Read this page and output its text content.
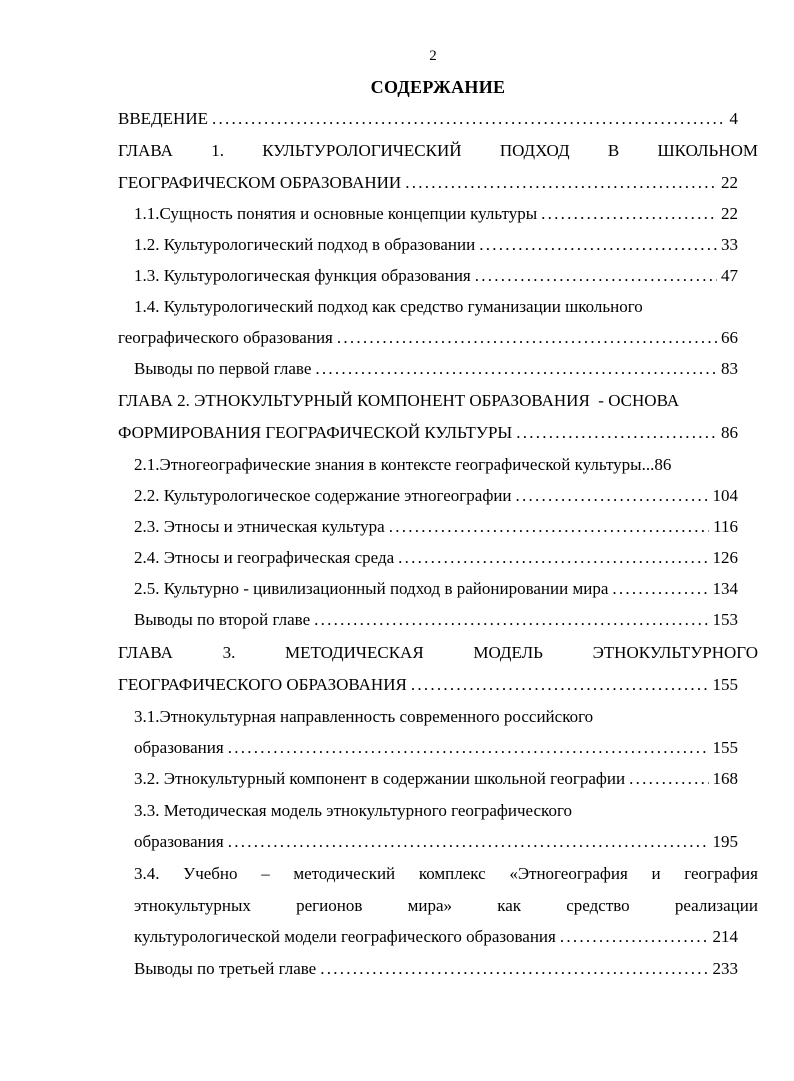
2
СОДЕРЖАНИЕ
ВВЕДЕНИЕ . . .	4
ГЛАВА 1. КУЛЬТУРОЛОГИЧЕСКИЙ ПОДХОД В ШКОЛЬНОМ
ГЕОГРАФИЧЕСКОМ ОБРАЗОВАНИИ . . .	22
1.1.Сущность понятия и основные концепции культуры . . .	22
1.2. Культурологический подход в образовании . . .	33
1.3. Культурологическая функция образования . . .	47
1.4. Культурологический подход как средство гуманизации школьного
географического образования . . .	66
Выводы по первой главе . . .	83
ГЛАВА 2. ЭТНОКУЛЬТУРНЫЙ КОМПОНЕНТ ОБРАЗОВАНИЯ  - ОСНОВА
ФОРМИРОВАНИЯ ГЕОГРАФИЧЕСКОЙ КУЛЬТУРЫ . . .	86
2.1.Этногеографические знания в контексте географической культуры...86
2.2. Культурологическое содержание этногеографии . . .	104
2.3. Этносы и этническая культура . . .	116
2.4. Этносы и географическая среда . . .	126
2.5. Культурно - цивилизационный подход в районировании мира . . .	134
Выводы по второй главе . . .	153
ГЛАВА	3.	МЕТОДИЧЕСКАЯ	МОДЕЛЬ	ЭТНОКУЛЬТУРНОГО
ГЕОГРАФИЧЕСКОГО ОБРАЗОВАНИЯ . . .	155
3.1.Этнокультурная направленность современного российского
образования . . .	155
3.2. Этнокультурный компонент в содержании школьной географии . . .	168
3.3. Методическая модель этнокультурного географического
образования . . .	195
3.4. Учебно – методический комплекс «Этногеография и география
этнокультурных	регионов	мира»	как	средство	реализации
культурологической модели географического образования . . .	214
Выводы по третьей главе . . .	233
